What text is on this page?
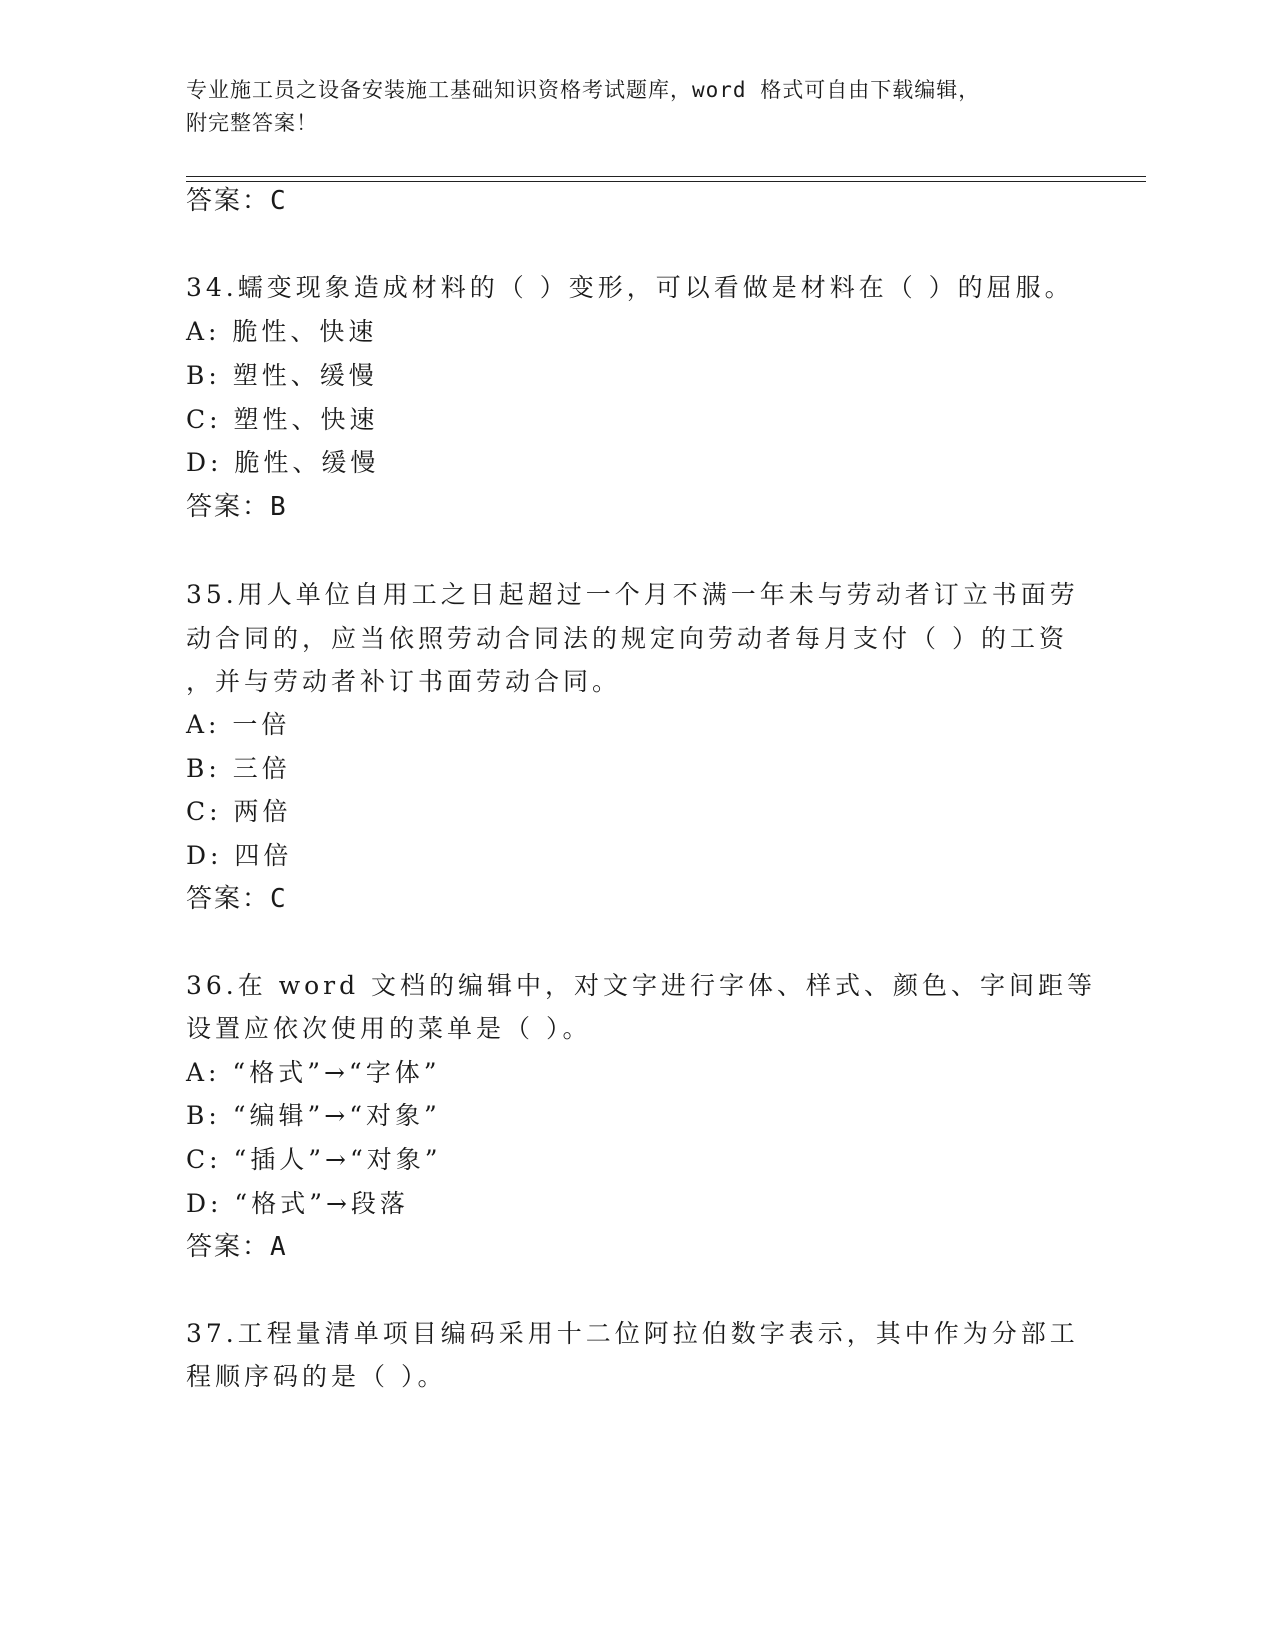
专业施工员之设备安装施工基础知识资格考试题库，word 格式可自由下载编辑，
附完整答案！
答案：C
34.蠕变现象造成材料的（ ）变形，可以看做是材料在（ ）的屈服。
A: 脆性、快速
B: 塑性、缓慢
C: 塑性、快速
D: 脆性、缓慢
答案：B
35.用人单位自用工之日起超过一个月不满一年未与劳动者订立书面劳
动合同的，应当依照劳动合同法的规定向劳动者每月支付（ ）的工资
，并与劳动者补订书面劳动合同。
A: 一倍
B: 三倍
C: 两倍
D: 四倍
答案：C
36.在 word 文档的编辑中，对文字进行字体、样式、颜色、字间距等
设置应依次使用的菜单是（ ）。
A: “格式”→“字体”
B: “编辑”→“对象”
C: “插人”→“对象”
D: “格式”→段落
答案：A
37.工程量清单项目编码采用十二位阿拉伯数字表示，其中作为分部工
程顺序码的是（ ）。
